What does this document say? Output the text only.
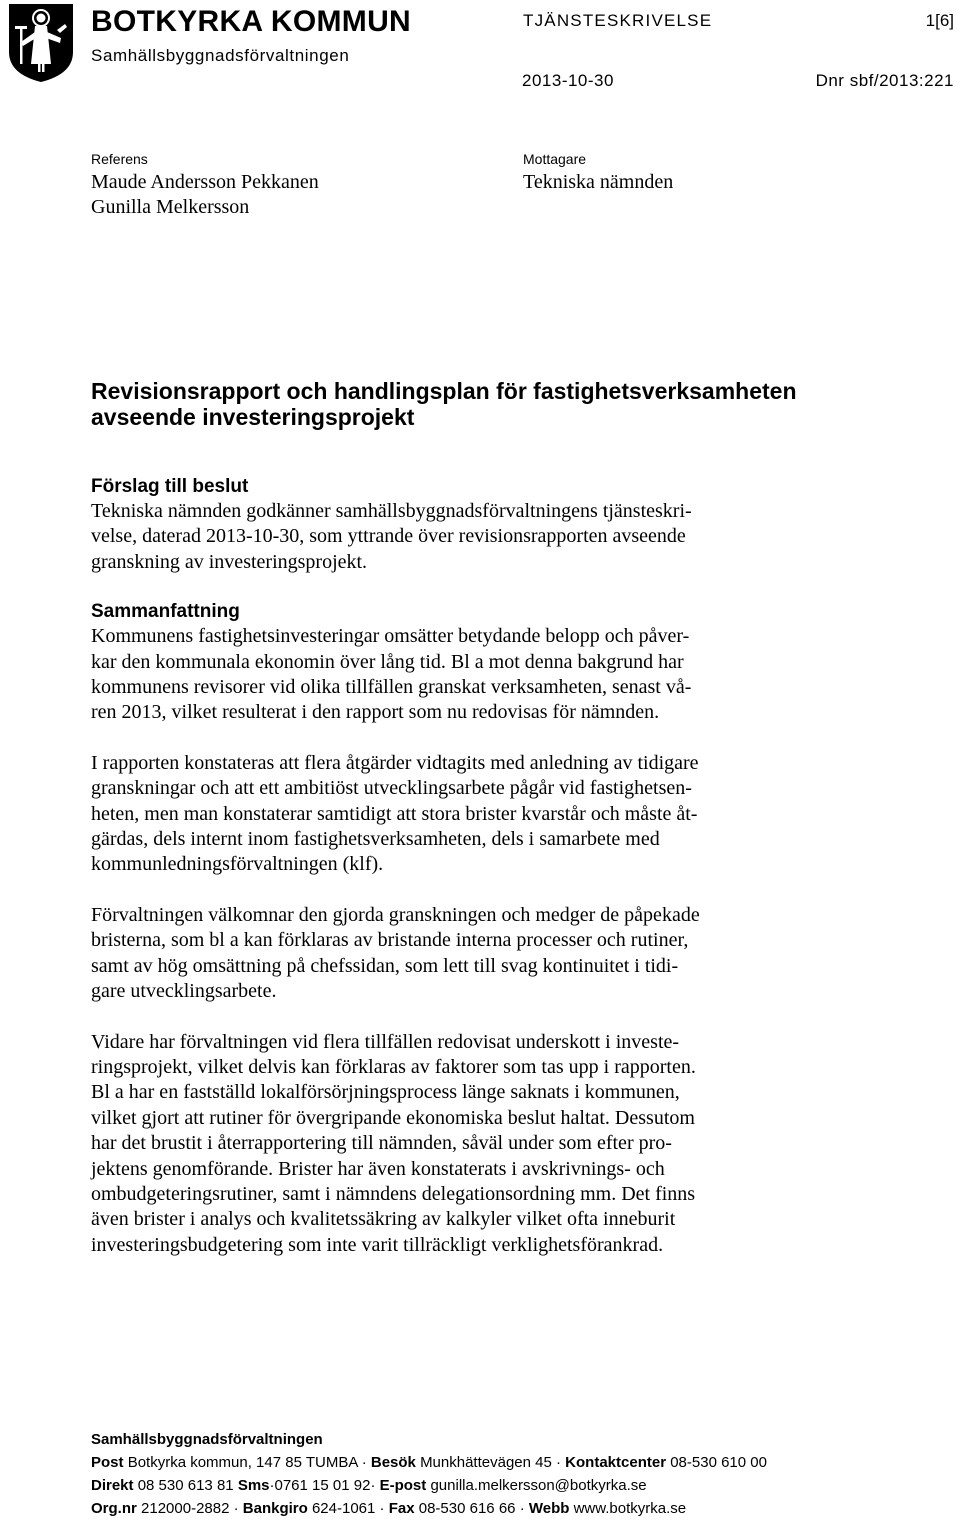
BOTKYRKA KOMMUN
Samhällsbyggnadsförvaltningen
TJÄNSTESKRIVELSE	1[6]
2013-10-30	Dnr sbf/2013:221
Referens
Maude Andersson Pekkanen
Gunilla Melkersson
Mottagare
Tekniska nämnden
Revisionsrapport och handlingsplan för fastighetsverksamheten
avseende investeringsprojekt
Förslag till beslut
Tekniska nämnden godkänner samhällsbyggnadsförvaltningens tjänsteskri-
velse, daterad 2013-10-30, som yttrande över revisionsrapporten avseende
granskning av investeringsprojekt.
Sammanfattning
Kommunens fastighetsinvesteringar omsätter betydande belopp och påver-
kar den kommunala ekonomin över lång tid. Bl a mot denna bakgrund har
kommunens revisorer vid olika tillfällen granskat verksamheten, senast vå-
ren 2013, vilket resulterat i den rapport som nu redovisas för nämnden.
I rapporten konstateras att flera åtgärder vidtagits med anledning av tidigare
granskningar och att ett ambitiöst utvecklingsarbete pågår vid fastighetsen-
heten, men man konstaterar samtidigt att stora brister kvarstår och måste åt-
gärdas, dels internt inom fastighetsverksamheten, dels i samarbete med
kommunledningsförvaltningen (klf).
Förvaltningen välkomnar den gjorda granskningen och medger de påpekade
bristerna, som bl a kan förklaras av bristande interna processer och rutiner,
samt av hög omsättning på chefssidan, som lett till svag kontinuitet i tidi-
gare utvecklingsarbete.
Vidare har förvaltningen vid flera tillfällen redovisat underskott i investe-
ringsprojekt, vilket delvis kan förklaras av faktorer som tas upp i rapporten.
Bl a har en fastställd lokalförsörjningsprocess länge saknats i kommunen,
vilket gjort att rutiner för övergripande ekonomiska beslut haltat. Dessutom
har det brustit i återrapportering till nämnden, såväl under som efter pro-
jektens genomförande. Brister har även konstaterats i avskrivnings- och
ombudgeteringsrutiner, samt i nämndens delegationsordning mm. Det finns
även brister i analys och kvalitetssäkring av kalkyler vilket ofta inneburit
investeringsbudgetering som inte varit tillräckligt verklighetsförankrad.
Samhällsbyggnadsförvaltningen
Post Botkyrka kommun, 147 85 TUMBA · Besök Munkhättevägen 45 · Kontaktcenter 08-530 610 00
Direkt 08 530 613 81 Sms·0761 15 01 92· E-post gunilla.melkersson@botkyrka.se
Org.nr 212000-2882 · Bankgiro 624-1061 · Fax 08-530 616 66 · Webb www.botkyrka.se
